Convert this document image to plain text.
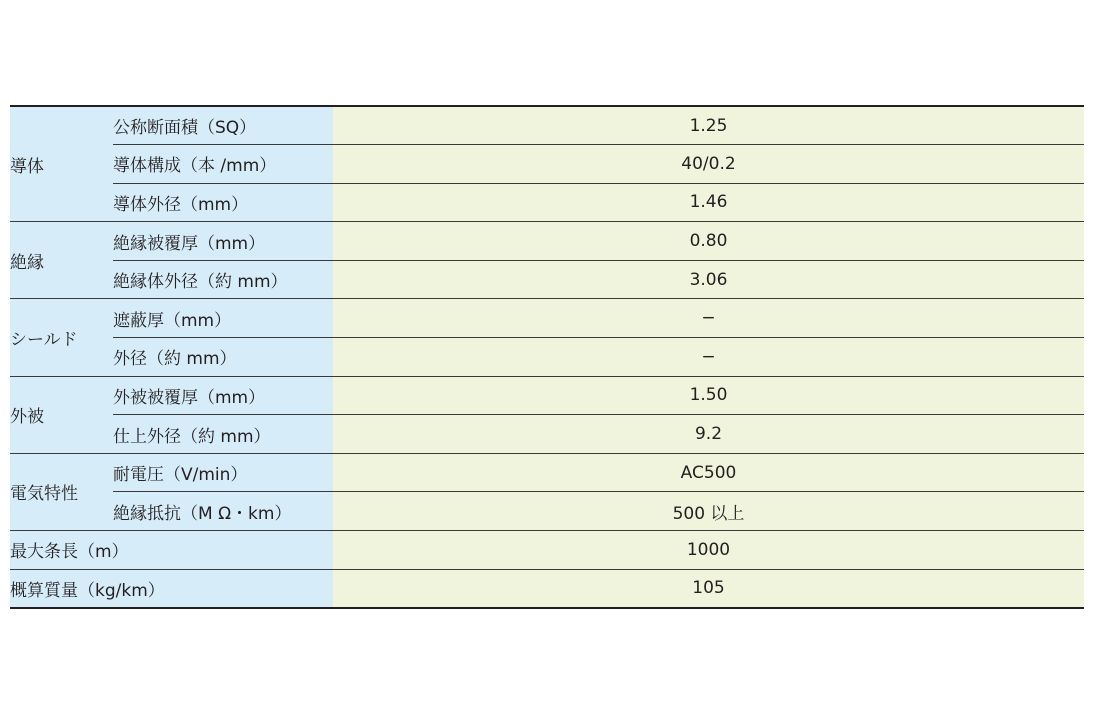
導体	公称断面積（SQ）	1.25
	導体構成（本 /mm）	40/0.2
	導体外径（mm）	1.46
絶縁	絶縁被覆厚（mm）	0.80
	絶縁体外径（約 mm）	3.06
シールド	遮蔽厚（mm）	−
	外径（約 mm）	−
外被	外被被覆厚（mm）	1.50
	仕上外径（約 mm）	9.2
電気特性	耐電圧（V/min）	AC500
	絶縁抵抗（M Ω・km）	500 以上
最大条長（m）		1000
概算質量（kg/km）		105
